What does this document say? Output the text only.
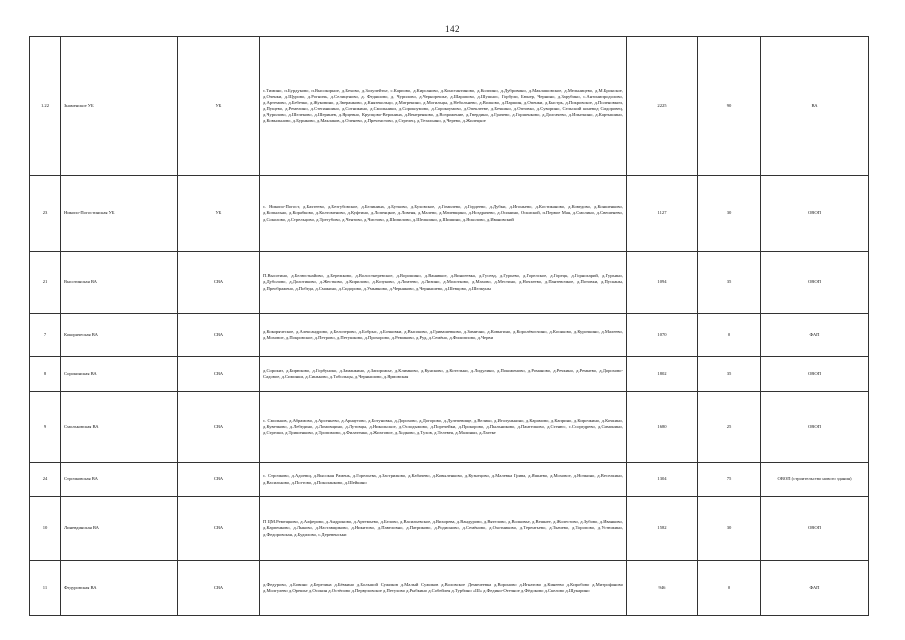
142
1.22	Знаменское УБ	УБ	с.Тимино, п.Бурдуково, п.Высокорное, д.Бехово, д.Золупейтье, с.Карпово, д.Кирсаново, д.Константиново, д.Колпино, д.Дубровино, д.Маклашовское, д.Мельницево, д.М.Бронское, д.Оченки, д.Щурово, д.Рогничь, д.Селиценово, д. Федяшово, д. Чурилово, д.Чернорешье, д.Шарапово, д.Шушнос, Горбули, Бюнер, Чернино, д.Зарубино, с.Антонипродолово, д.Артемово, д.Бебечко, д.Жуковино, д.Зверанково, д.Князекольцо, д.Матрекино, д.Могильцы, д.Небольнево, д.Волково, д.Паршин, д.Опенки, д.Быстрь, д.Покровское, д.Поленовкич, д.Пущево, д.Ремелино, д.Степаншино, д.Сотникино, д.Смольники, д.Сорокоумово, д.Сорокоумово, д.Опеклееве, д.Бечкино, д.Оптовко, д.Суворино, Сельский коневод Сидоровец, д.Чурилово, д.Шелеково, д.Шеринев, д.Ярцевно, Крупцово-Веронина, д.Венеренково, д.Возрожение, д.Гвердино, д.Грачево, д.Горшенково, д.Долгачево, д.Ипыткино, д.Картышино, д.Ковыльново, д.Бурнково, д.Маклаков, д.Оленево, д.Преченстово, д.Стрелец, д.Тезальино, д.Черево, д.Жилецкое	2225	90	ВА
23	Никопо-Погостинская УБ	УБ	с. Никопо-Погост, д.Бахтеево, д.Безгубовское, д.Белинина, д.Бутково, д.Буховское, д.Гомилево, д.Гордеево, д.Дубки, д.Игоньево, д.Костиканово, д.Коведово, д.Коншенково, д.Копыльно, д.Корабково, д.Колтоменово, д.Куфтино, д.Лопеяцкое, д.Ловеня, д.Малево, д.Мачевщино, д.Ноздрачево, д.Осинино, Оскиской, п.Первое Мая, д.Смолино, д.Свешенево, д.Соколово, д.Стрельцово, д.Трегубово, д.Чентово, д.Чистово, д.Шипилово, д.Шелкоино, д.Шишино, д.Ясколово, д.Ивановский	1127	30	ОВОП
21	Высотинская ВА	СВА	П.Высотино, д.Белюстнайово, д.Бережково, д.Волостнеревское, д.Ворошино, д.Ванявкое, д.Виноеевка, д.Гусевд, д.Гурьево, д.Горелское, д.Горецк, д.Горнохарий, д.Гурьино, д.Дуболово, д.Долотиково, д.Жестково, д.Кирилово, д.Козуково, д.Ломтево, д.Лизино, д.Молотково, д.Махово, д.Местино, д.Ночхеево, д.Пантевочкое, д.Потовки, д.Пусканы, д.Преображено, д.Победа, д.Смакино, д.Сидорово, д.Умывново, д.Черняково, д.Чернышево, д.Шевцово, д.Шелкуны	1094	35	ОВОП
7	Кокоряческая ВА	СВА	д.Кокоряческое, д.Александрово, д.Белозерово, д.Бобрыс, д.Бочковки, д.Высоково, д.Гривашевково, д.Зимично, д.Ковыгино, д.Королёвосчино, д.Косяково, д.Курочкино, д.Малеево, д.Моховое, д.Покровское, д.Петрово, д.Петушково, д.Прохорово, д.Ремиково, д.Руд, д.Семёно, д.Филиппово, д.Черви	1070	0	ФАП
8	Сорокинская ВА	СВА	д.Сорокиз, д.Бирюково, д.Горбуноко, д.Заманкино, д.Запорожье, д.Климково, д.Кунсково, д.Котельки, д.Лидулино, д.Покоженово, д.Романово, д.Речкино, д.Ремнево, д.Дорохово-Садовое, д.Симонки, д.Синьково, д.Тобольцы, д.Чернышово, д.Ярмовская	1802	35	ОВОП
9	Смольковская ВА	СВА	с. Смольков, д.Абрамово, д.Арсеньево, д.Арнаутово, д.Ботуновка, д.Дорохово, д.Догорово, д.Дулепевище, д.Велико, д.Иголунькино, д.Карамово, д.Каприно, д.Кирочкино, д.Кочкино, д.Кувечково, д.Лебедино, д.Ломовщино, д.Лутовцы, д.Никольское, д.Ослодымово, д.Поречейки, д.Прокорово, д.Пыльниково, д.Пантелково, д.Стенюс, с.Ссоредрево, д.Симонино, д.Стрелки, д.Тришенково, д.Тропимово, д.Филатенко, д.Жихтовое, д.Ходково, д.Тухов, д.Телевея, д.Малинки, д.Лагеке	1680	25	ОВОП
24	Строчковская ВА	СВА	с. Строчково, д.Адоевщ, д.Высокая Рамень, д.Горельева, д.Застрижово, д.Кабачево, д.Ковыленково, д.Кузнецово, д.Малевка Грива, д.Яшнево, д.Моховое, д.Ночкино, д.Веселкино, д.Васильково, д.Погтово, д.Поколанково, д.Шейкино	1304	75	ОВОП (строительство нового здания)
10	Линевдинская ВА	СВА	П ЦМ.Ремещково, д.Алферово, д.Андроново, д.Артемьево, д.Белово, д.Васильевское, д.Вихорева, д.Вандурово, д.Вятелово, д.Волковье, д.Вешнее, д.Жолестово, д.Зубово, д.Иванково, д.Карпенково, д.Лыково, д.Наставщиково, д.Никитово, д.Павеловно, д.Патриково, д.Родионово, д.Семёново, д.Охотниково, д.Терентьево, д.Ткачево, д.Торопово, д.Устюжино, д.Федоровская, д.Будилово, с.Деревенськи	1582	30	ОВОП
11	Федуровская ВА	СВА	д.Федурово, д.Бовино д.Березина д.Бёвкино д.Большой Сужиков д.Малый Сужиков д.Воловское Демичеевка д.Вороново д.Игнатово д.Кинеево д.Киробово д.Митрофаново д.Молгулево д.Орешье д.Осокин д.Остёпово д.Первуловское д.Петухово д.Рыбкино д.Собейлея д.Турбино «Ш» д.Федино-Отечное д.Фёдоково д.Скелово д.Щукарино	946	0	ФАП
